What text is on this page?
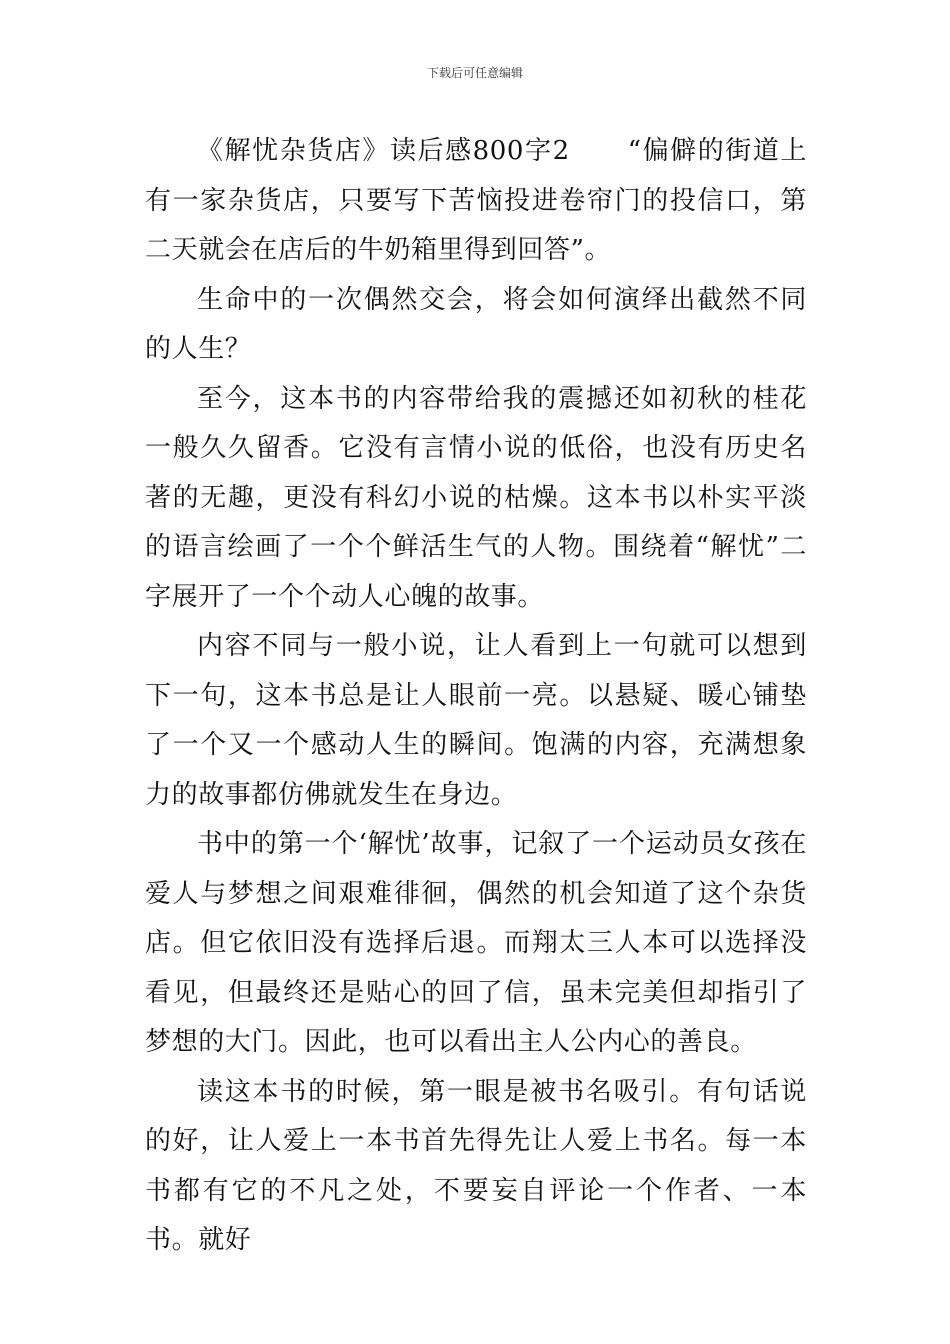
下载后可任意编辑

《解忧杂货店》读后感800字2 “偏僻的街道上有一家杂货店，只要写下苦恼投进卷帘门的投信口，第二天就会在店后的牛奶箱里得到回答”。

生命中的一次偶然交会，将会如何演绎出截然不同的人生？

至今，这本书的内容带给我的震撼还如初秋的桂花一般久久留香。它没有言情小说的低俗，也没有历史名著的无趣，更没有科幻小说的枯燥。这本书以朴实平淡的语言绘画了一个个鲜活生气的人物。围绕着“解忧”二字展开了一个个动人心魄的故事。

内容不同与一般小说，让人看到上一句就可以想到下一句，这本书总是让人眼前一亮。以悬疑、暖心铺垫了一个又一个感动人生的瞬间。饱满的内容，充满想象力的故事都仿佛就发生在身边。

书中的第一个‘解忧’故事，记叙了一个运动员女孩在爱人与梦想之间艰难徘徊，偶然的机会知道了这个杂货店。但它依旧没有选择后退。而翔太三人本可以选择没看见，但最终还是贴心的回了信，虽未完美但却指引了梦想的大门。因此，也可以看出主人公内心的善良。

读这本书的时候，第一眼是被书名吸引。有句话说的好，让人爱上一本书首先得先让人爱上书名。每一本书都有它的不凡之处，不要妄自评论一个作者、一本书。就好
